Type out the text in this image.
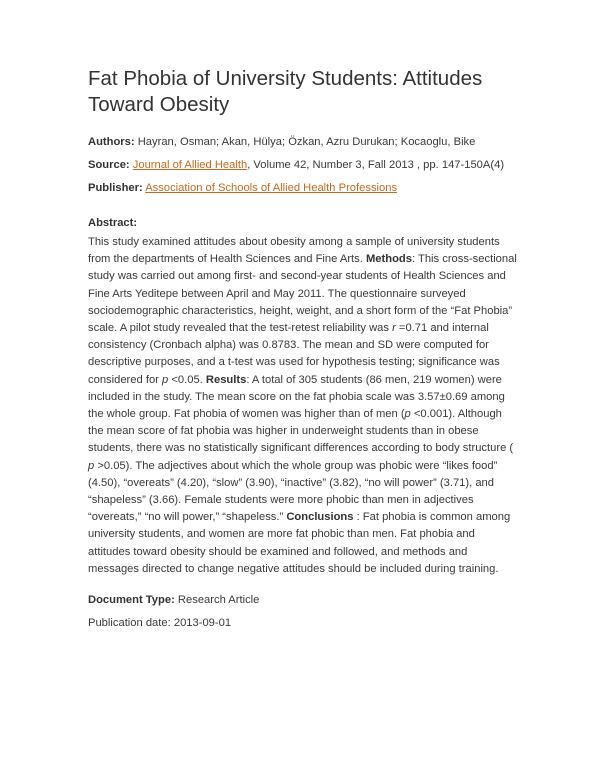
Fat Phobia of University Students: Attitudes Toward Obesity

Authors: Hayran, Osman; Akan, Hülya; Özkan, Azru Durukan; Kocaoglu, Bike

Source: Journal of Allied Health, Volume 42, Number 3, Fall 2013 , pp. 147-150A(4)

Publisher: Association of Schools of Allied Health Professions

Abstract:

This study examined attitudes about obesity among a sample of university students from the departments of Health Sciences and Fine Arts. Methods: This cross-sectional study was carried out among first- and second-year students of Health Sciences and Fine Arts Yeditepe between April and May 2011. The questionnaire surveyed sociodemographic characteristics, height, weight, and a short form of the “Fat Phobia” scale. A pilot study revealed that the test-retest reliability was r =0.71 and internal consistency (Cronbach alpha) was 0.8783. The mean and SD were computed for descriptive purposes, and a t-test was used for hypothesis testing; significance was considered for p <0.05. Results: A total of 305 students (86 men, 219 women) were included in the study. The mean score on the fat phobia scale was 3.57±0.69 among the whole group. Fat phobia of women was higher than of men (p <0.001). Although the mean score of fat phobia was higher in underweight students than in obese students, there was no statistically significant differences according to body structure ( p >0.05). The adjectives about which the whole group was phobic were “likes food” (4.50), “overeats” (4.20), “slow” (3.90), “inactive” (3.82), “no will power” (3.71), and “shapeless” (3.66). Female students were more phobic than men in adjectives “overeats,” “no will power,” “shapeless.” Conclusions : Fat phobia is common among university students, and women are more fat phobic than men. Fat phobia and attitudes toward obesity should be examined and followed, and methods and messages directed to change negative attitudes should be included during training.

Document Type: Research Article

Publication date: 2013-09-01
